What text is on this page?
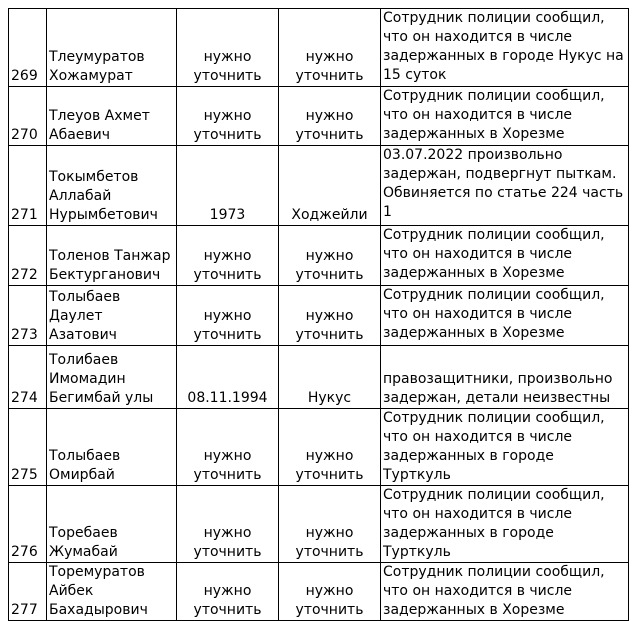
269	Тлеумуратов Хожамурат	нужно уточнить	нужно уточнить	Сотрудник полиции сообщил, что он находится в числе задержанных в городе Нукус на 15 суток
270	Тлеуов Ахмет Абаевич	нужно уточнить	нужно уточнить	Сотрудник полиции сообщил, что он находится в числе задержанных в Хорезме
271	Токымбетов Аллабай Нурымбетович	1973	Ходжейли	03.07.2022 произвольно задержан, подвергнут пыткам. Обвиняется по статье 224 часть 1
272	Толенов Танжар Бектурганович	нужно уточнить	нужно уточнить	Сотрудник полиции сообщил, что он находится в числе задержанных в Хорезме
273	Толыбаев Даулет Азатович	нужно уточнить	нужно уточнить	Сотрудник полиции сообщил, что он находится в числе задержанных в Хорезме
274	Толибаев Имомадин Бегимбай улы	08.11.1994	Нукус	правозащитники, произвольно задержан, детали неизвестны
275	Толыбаев Омирбай	нужно уточнить	нужно уточнить	Сотрудник полиции сообщил, что он находится в числе задержанных в городе Турткуль
276	Торебаев Жумабай	нужно уточнить	нужно уточнить	Сотрудник полиции сообщил, что он находится в числе задержанных в городе Турткуль
277	Торемуратов Айбек Бахадырович	нужно уточнить	нужно уточнить	Сотрудник полиции сообщил, что он находится в числе задержанных в Хорезме
